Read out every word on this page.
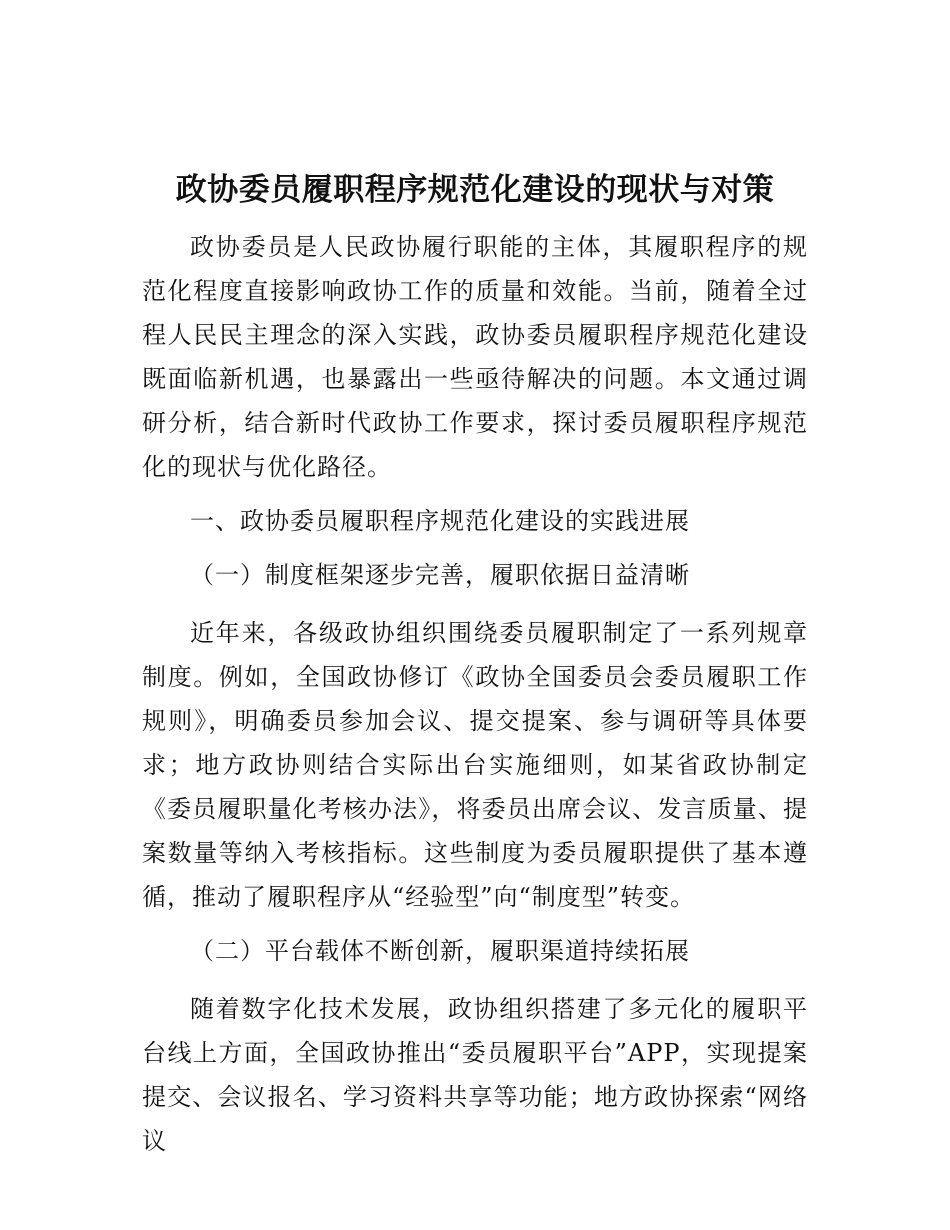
政协委员履职程序规范化建设的现状与对策

政协委员是人民政协履行职能的主体，其履职程序的规范化程度直接影响政协工作的质量和效能。当前，随着全过程人民民主理念的深入实践，政协委员履职程序规范化建设既面临新机遇，也暴露出一些亟待解决的问题。本文通过调研分析，结合新时代政协工作要求，探讨委员履职程序规范化的现状与优化路径。

一、政协委员履职程序规范化建设的实践进展

（一）制度框架逐步完善，履职依据日益清晰

近年来，各级政协组织围绕委员履职制定了一系列规章制度。例如，全国政协修订《政协全国委员会委员履职工作规则》，明确委员参加会议、提交提案、参与调研等具体要求；地方政协则结合实际出台实施细则，如某省政协制定《委员履职量化考核办法》，将委员出席会议、发言质量、提案数量等纳入考核指标。这些制度为委员履职提供了基本遵循，推动了履职程序从“经验型”向“制度型”转变。

（二）平台载体不断创新，履职渠道持续拓展

随着数字化技术发展，政协组织搭建了多元化的履职平台线上方面，全国政协推出“委员履职平台”APP，实现提案提交、会议报名、学习资料共享等功能；地方政协探索“网络议
